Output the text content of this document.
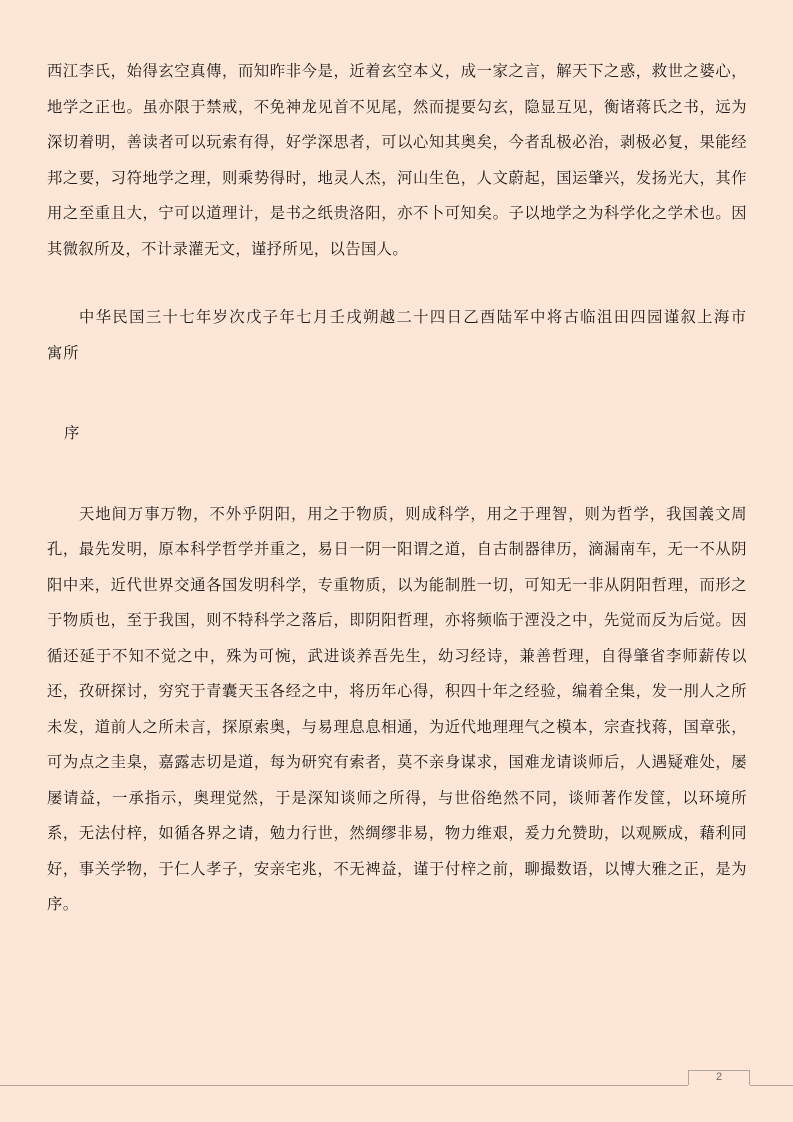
西江李氏，始得玄空真傳，而知昨非今是，近着玄空本义，成一家之言，解天下之惑，救世之婆心，地学之正也。虽亦限于禁戒，不免神龙见首不见尾，然而提要勾玄，隐显互见，衡诸蒋氏之书，远为深切着明，善读者可以玩索有得，好学深思者，可以心知其奥矣，今者乱极必治，剥极必复，果能经邦之要，习符地学之理，则乘势得时，地灵人杰，河山生色，人文蔚起，国运肇兴，发扬光大，其作用之至重且大，宁可以道理计，是书之纸贵洛阳，亦不卜可知矣。子以地学之为科学化之学术也。因其微叙所及，不计录灌无文，谨抒所见，以告国人。

中华民国三十七年岁次戊子年七月壬戌朔越二十四日乙酉陆军中将古临沮田四园谨叙上海市寓所

序

天地间万事万物，不外乎阴阳，用之于物质，则成科学，用之于理智，则为哲学，我国義文周孔，最先发明，原本科学哲学并重之，易日一阴一阳谓之道，自古制器律历，滴漏南车，无一不从阴阳中来，近代世界交通各国发明科学，专重物质，以为能制胜一切，可知无一非从阴阳哲理，而形之于物质也，至于我国，则不特科学之落后，即阴阳哲理，亦将频临于湮没之中，先觉而反为后觉。因循还延于不知不觉之中，殊为可惋，武进谈养吾先生，幼习经诗，兼善哲理，自得肇省李师薪传以还，孜研探讨，穷究于青囊天玉各经之中，将历年心得，积四十年之经验，编着全集，发一刖人之所未发，道前人之所未言，探原索奥，与易理息息相通，为近代地理理气之模本，宗查找蒋，国章张，可为点之圭臬，嘉露志切是道，每为研究有索者，莫不亲身谋求，国难龙请谈师后，人遇疑难处，屡屡请益，一承指示，奥理觉然，于是深知谈师之所得，与世俗绝然不同，谈师著作发筐，以环境所系，无法付梓，如循各界之请，勉力行世，然绸缪非易，物力维艰，爰力允赞助，以观厥成，藉利同好，事关学物，于仁人孝子，安亲宅兆，不无裨益，谨于付梓之前，聊撮数语，以博大雅之正，是为序。

2
